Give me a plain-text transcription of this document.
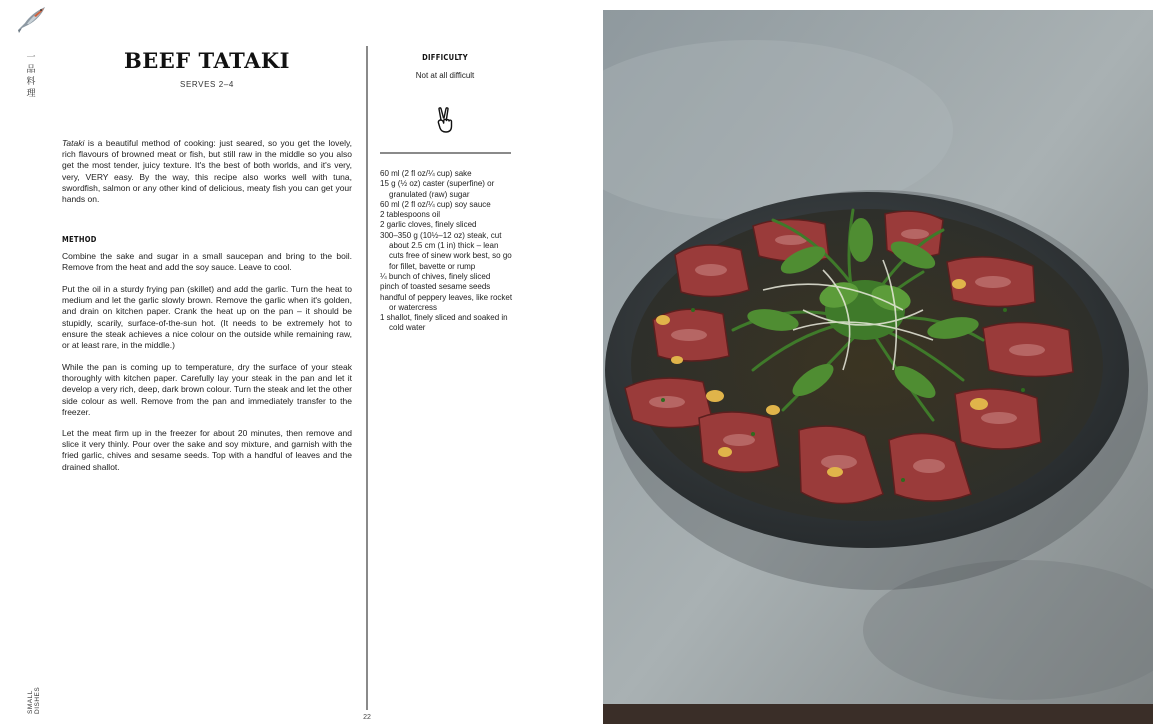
一品料理
SMALL DISHES
BEEF TATAKI
SERVES 2–4

Tataki is a beautiful method of cooking: just seared, so you get the lovely, rich flavours of browned meat or fish, but still raw in the middle so you also get the most tender, juicy texture. It's the best of both worlds, and it's very, very, VERY easy. By the way, this recipe also works well with tuna, swordfish, salmon or any other kind of delicious, meaty fish you can get your hands on.

METHOD

Combine the sake and sugar in a small saucepan and bring to the boil. Remove from the heat and add the soy sauce. Leave to cool.

Put the oil in a sturdy frying pan (skillet) and add the garlic. Turn the heat to medium and let the garlic slowly brown. Remove the garlic when it's golden, and drain on kitchen paper. Crank the heat up on the pan – it should be stupidly, scarily, surface-of-the-sun hot. (It needs to be extremely hot to ensure the steak achieves a nice colour on the outside while remaining raw, or at least rare, in the middle.)

While the pan is coming up to temperature, dry the surface of your steak thoroughly with kitchen paper. Carefully lay your steak in the pan and let it develop a very rich, deep, dark brown colour. Turn the steak and let the other side colour as well. Remove from the pan and immediately transfer to the freezer.

Let the meat firm up in the freezer for about 20 minutes, then remove and slice it very thinly. Pour over the sake and soy mixture, and garnish with the fried garlic, chives and sesame seeds. Top with a handful of leaves and the drained shallot.

22
DIFFICULTY
Not at all difficult
60 ml (2 fl oz/¼ cup) sake
15 g (½ oz) caster (superfine) or granulated (raw) sugar
60 ml (2 fl oz/¼ cup) soy sauce
2 tablespoons oil
2 garlic cloves, finely sliced
300–350 g (10½–12 oz) steak, cut about 2.5 cm (1 in) thick – lean cuts free of sinew work best, so go for fillet, bavette or rump
¼ bunch of chives, finely sliced
pinch of toasted sesame seeds
handful of peppery leaves, like rocket or watercress
1 shallot, finely sliced and soaked in cold water
